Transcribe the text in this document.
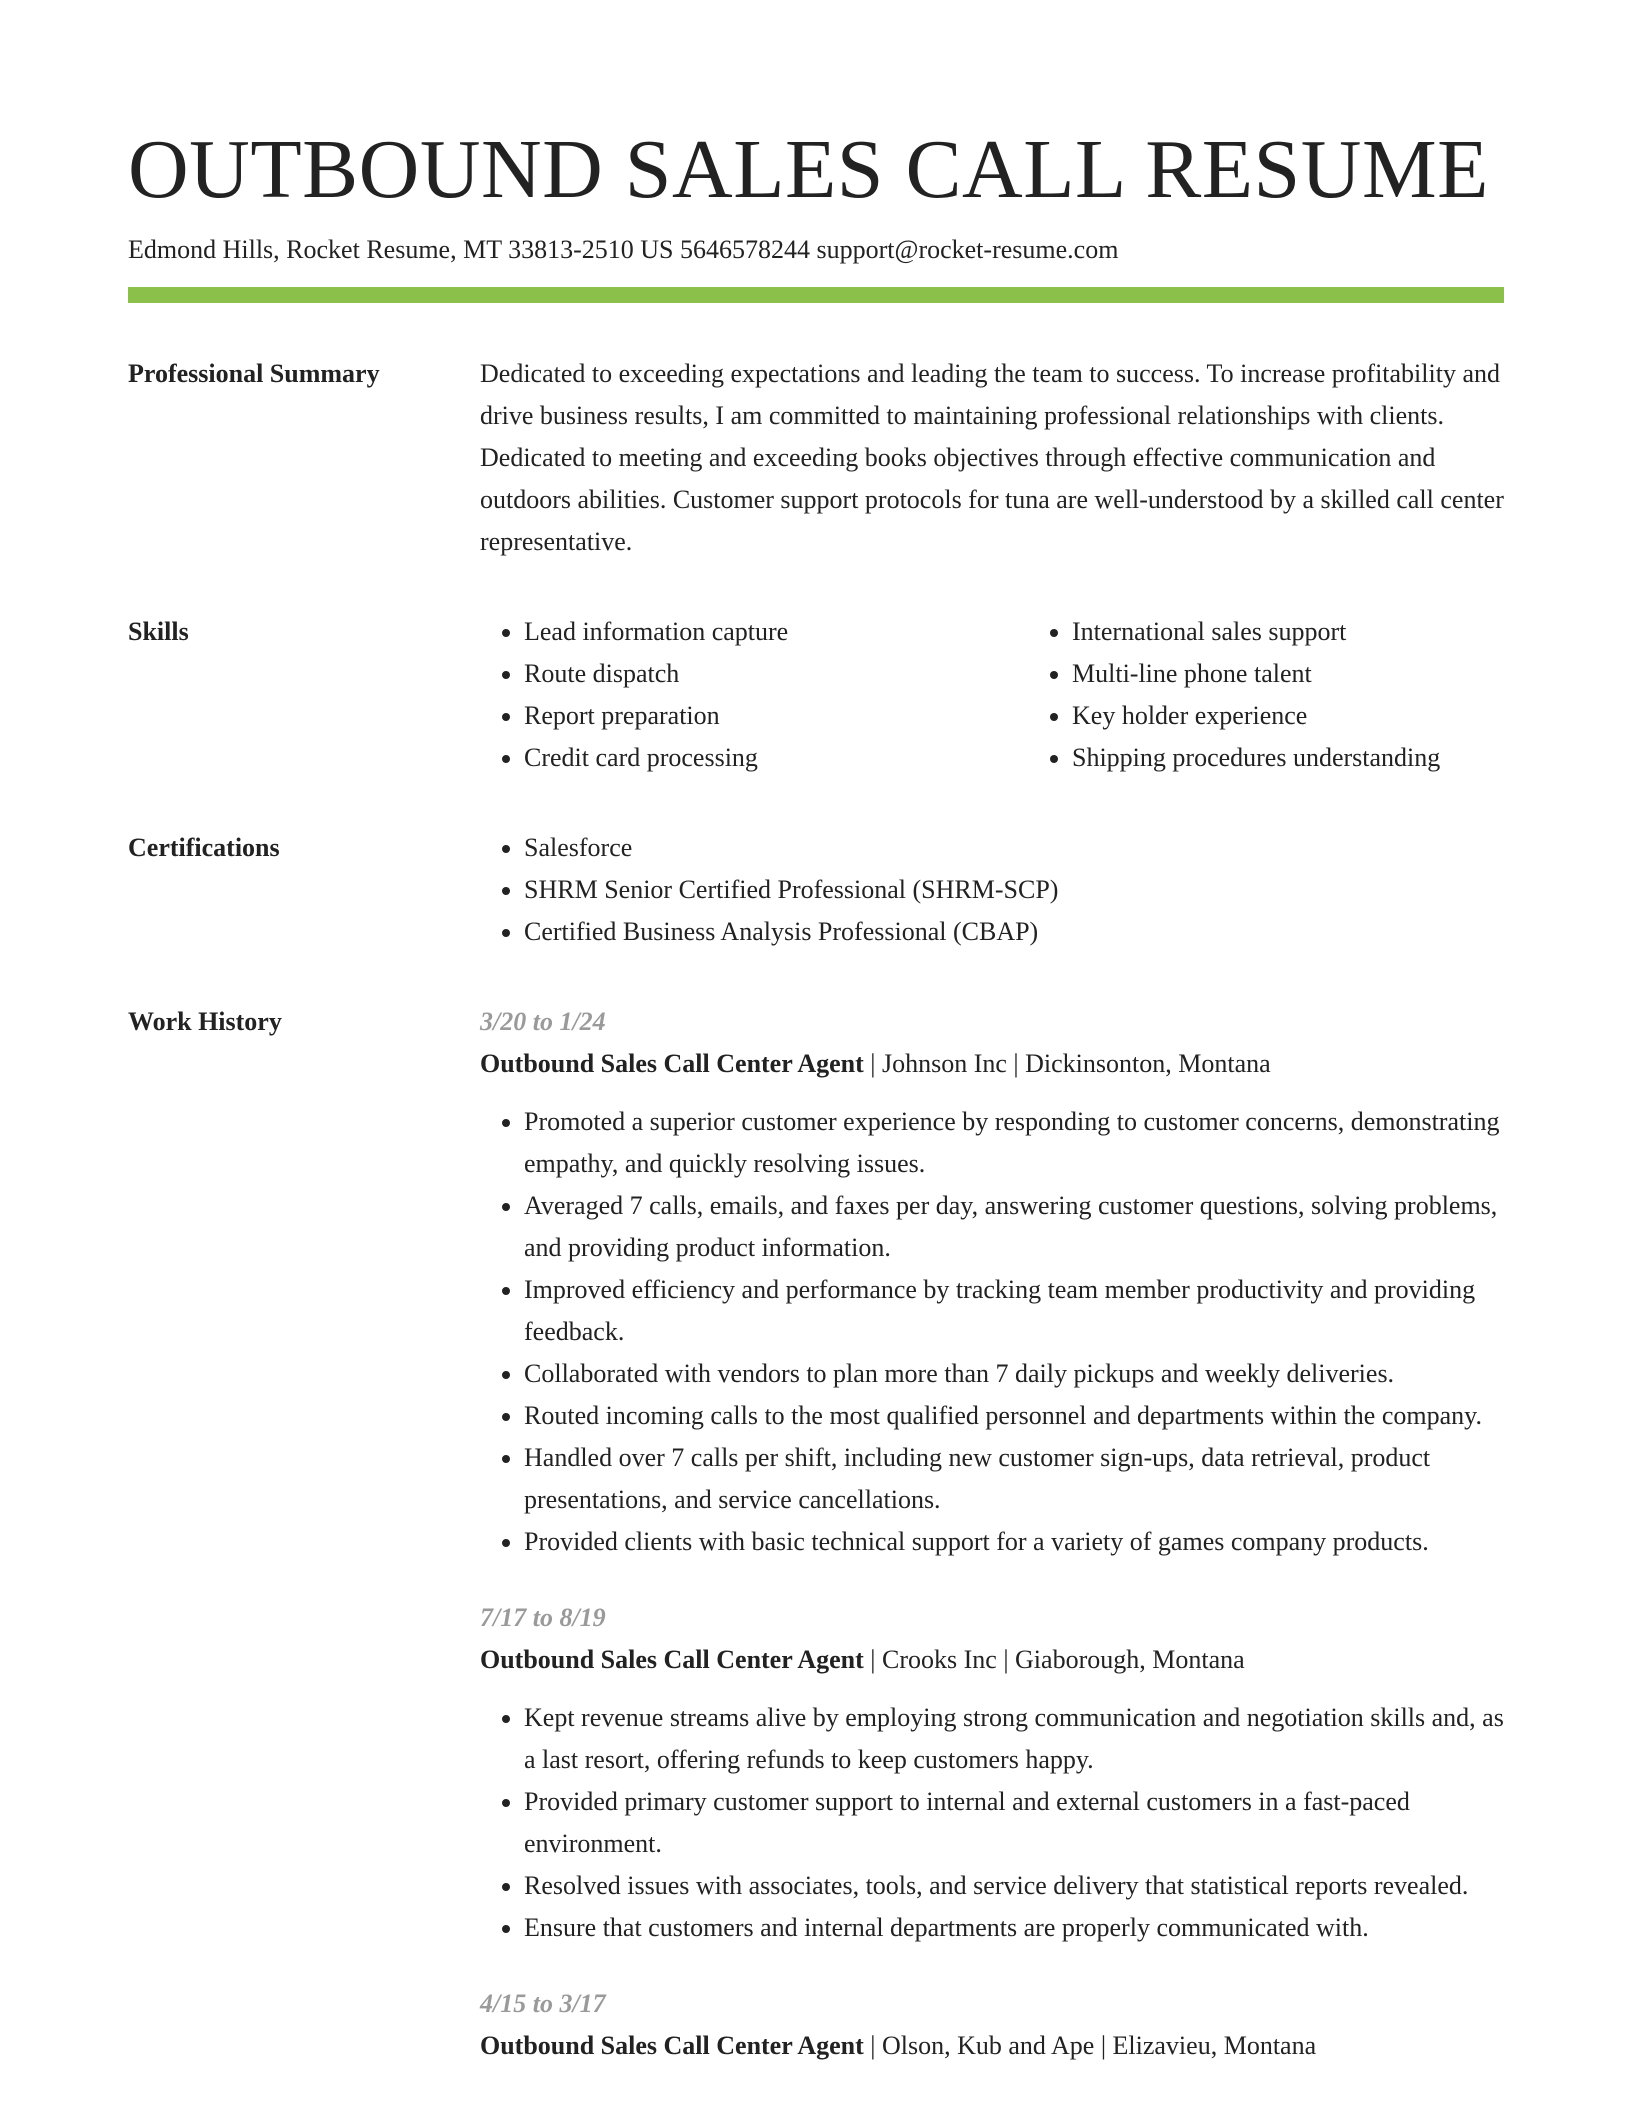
OUTBOUND SALES CALL RESUME
Edmond Hills, Rocket Resume, MT 33813-2510 US 5646578244 support@rocket-resume.com
Professional Summary	Dedicated to exceeding expectations and leading the team to success. To increase profitability and drive business results, I am committed to maintaining professional relationships with clients. Dedicated to meeting and exceeding books objectives through effective communication and outdoors abilities. Customer support protocols for tuna are well-understood by a skilled call center representative.

Skills	• Lead information capture
• Route dispatch
• Report preparation
• Credit card processing
• International sales support
• Multi-line phone talent
• Key holder experience
• Shipping procedures understanding
Certifications	• Salesforce
• SHRM Senior Certified Professional (SHRM-SCP)
• Certified Business Analysis Professional (CBAP)
Work History	3/20 to 1/24
Outbound Sales Call Center Agent | Johnson Inc | Dickinsonton, Montana
• Promoted a superior customer experience by responding to customer concerns, demonstrating empathy, and quickly resolving issues.
• Averaged 7 calls, emails, and faxes per day, answering customer questions, solving problems, and providing product information.
• Improved efficiency and performance by tracking team member productivity and providing feedback.
• Collaborated with vendors to plan more than 7 daily pickups and weekly deliveries.
• Routed incoming calls to the most qualified personnel and departments within the company.
• Handled over 7 calls per shift, including new customer sign-ups, data retrieval, product presentations, and service cancellations.
• Provided clients with basic technical support for a variety of games company products.
7/17 to 8/19
Outbound Sales Call Center Agent | Crooks Inc | Giaborough, Montana
• Kept revenue streams alive by employing strong communication and negotiation skills and, as a last resort, offering refunds to keep customers happy.
• Provided primary customer support to internal and external customers in a fast-paced environment.
• Resolved issues with associates, tools, and service delivery that statistical reports revealed.
• Ensure that customers and internal departments are properly communicated with.
4/15 to 3/17
Outbound Sales Call Center Agent | Olson, Kub and Ape | Elizavieu, Montana
